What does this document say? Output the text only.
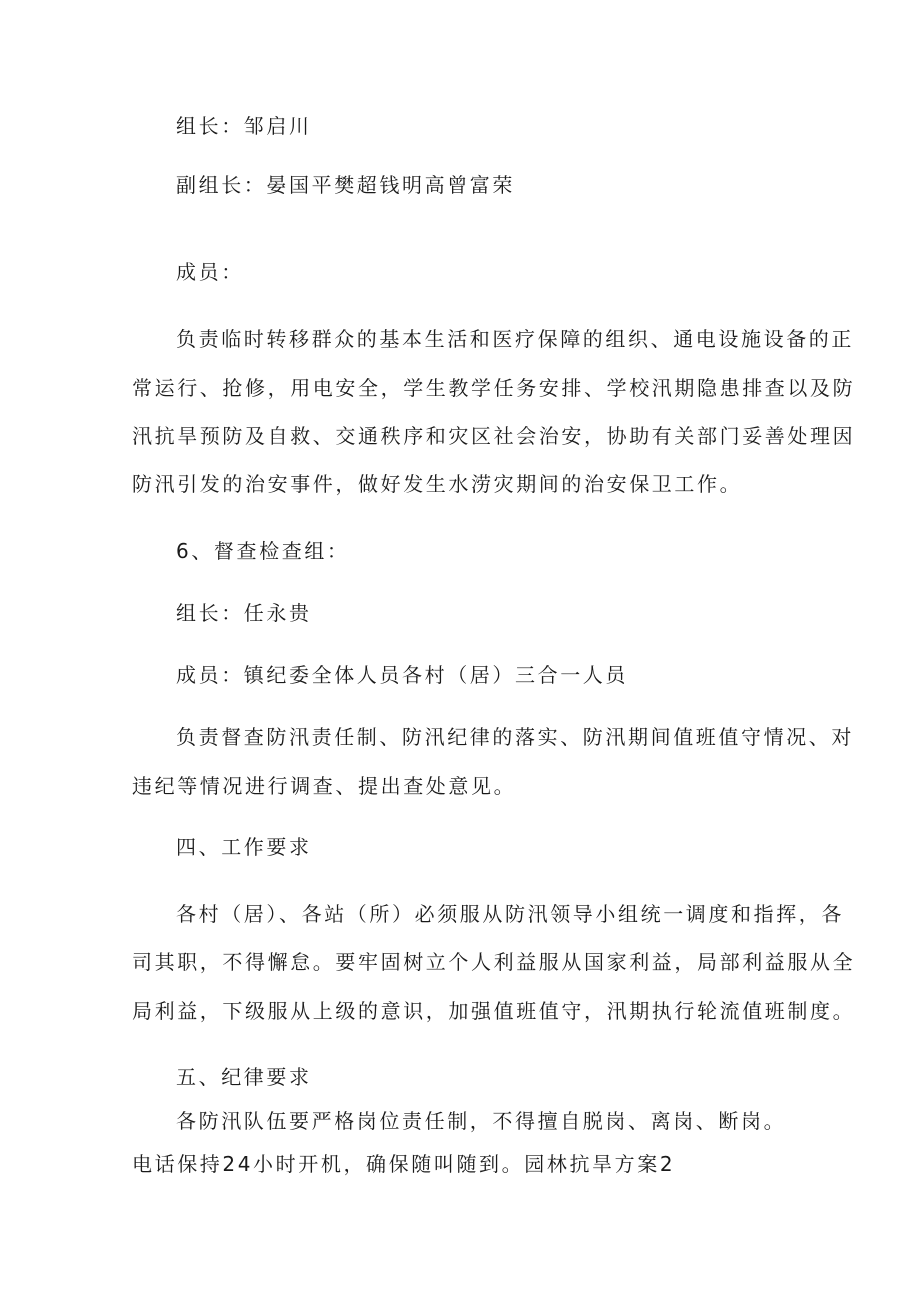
组长：邹启川
副组长：晏国平樊超钱明高曾富荣
成员：
负责临时转移群众的基本生活和医疗保障的组织、通电设施设备的正
常运行、抢修，用电安全，学生教学任务安排、学校汛期隐患排查以及防
汛抗旱预防及自救、交通秩序和灾区社会治安，协助有关部门妥善处理因
防汛引发的治安事件，做好发生水涝灾期间的治安保卫工作。
6、督查检查组：
组长：任永贵
成员：镇纪委全体人员各村（居）三合一人员
负责督查防汛责任制、防汛纪律的落实、防汛期间值班值守情况、对
违纪等情况进行调查、提出查处意见。
四、工作要求
各村（居）、各站（所）必须服从防汛领导小组统一调度和指挥，各
司其职，不得懈怠。要牢固树立个人利益服从国家利益，局部利益服从全
局利益，下级服从上级的意识，加强值班值守，汛期执行轮流值班制度。
五、纪律要求
各防汛队伍要严格岗位责任制，不得擅自脱岗、离岗、断岗。
电话保持24小时开机，确保随叫随到。园林抗旱方案2
